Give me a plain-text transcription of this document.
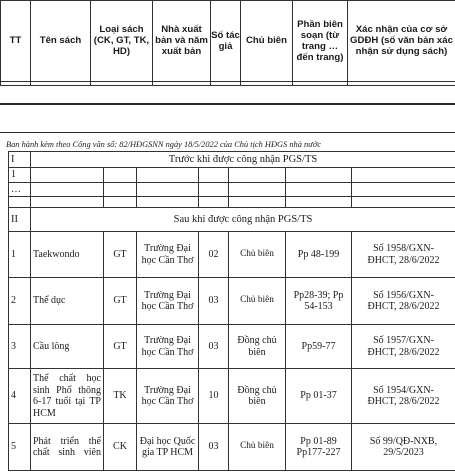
TT	Tên sách	Loại sách (CK, GT, TK, HD)	Nhà xuất bản và năm xuất bản	Số tác giả	Chủ biên	Phần biên soạn (từ trang … đến trang)	Xác nhận của cơ sở GDĐH (số văn bản xác nhận sử dụng sách)

Ban hành kèm theo Công văn số: 82/HĐGSNN ngày 18/5/2022 của Chủ tịch HĐGS nhà nước
I	Trước khi được công nhận PGS/TS						
1							
…							

II	Sau khi được công nhận PGS/TS						
1	Taekwondo	GT	Trường Đại học Cần Thơ	02	Chủ biên	Pp 48-199	Số 1958/GXN-
ĐHCT, 28/6/2022

2	Thể dục	GT	Trường Đại học Cần Thơ	03	Chủ biên	Pp28-39; Pp 54-153	Số 1956/GXN-
ĐHCT, 28/6/2022

3	Cầu lông	GT	Trường Đại học Cần Thơ	03	Đồng chủ biên	Pp59-77	Số 1957/GXN-
ĐHCT, 28/6/2022

4	Thể chất học sinh Phổ thông 6-17 tuổi tại TP HCM	TK	Trường Đại học Cần Thơ	10	Đồng chủ biên	Pp 01-37	Số 1954/GXN-
ĐHCT, 28/6/2022

5	Phát triển thể chất sinh viên	CK	Đại học Quốc gia TP HCM	03	Chủ biên	Pp 01-89 Pp177-227	Số 99/QĐ-NXB,
29/5/2023
